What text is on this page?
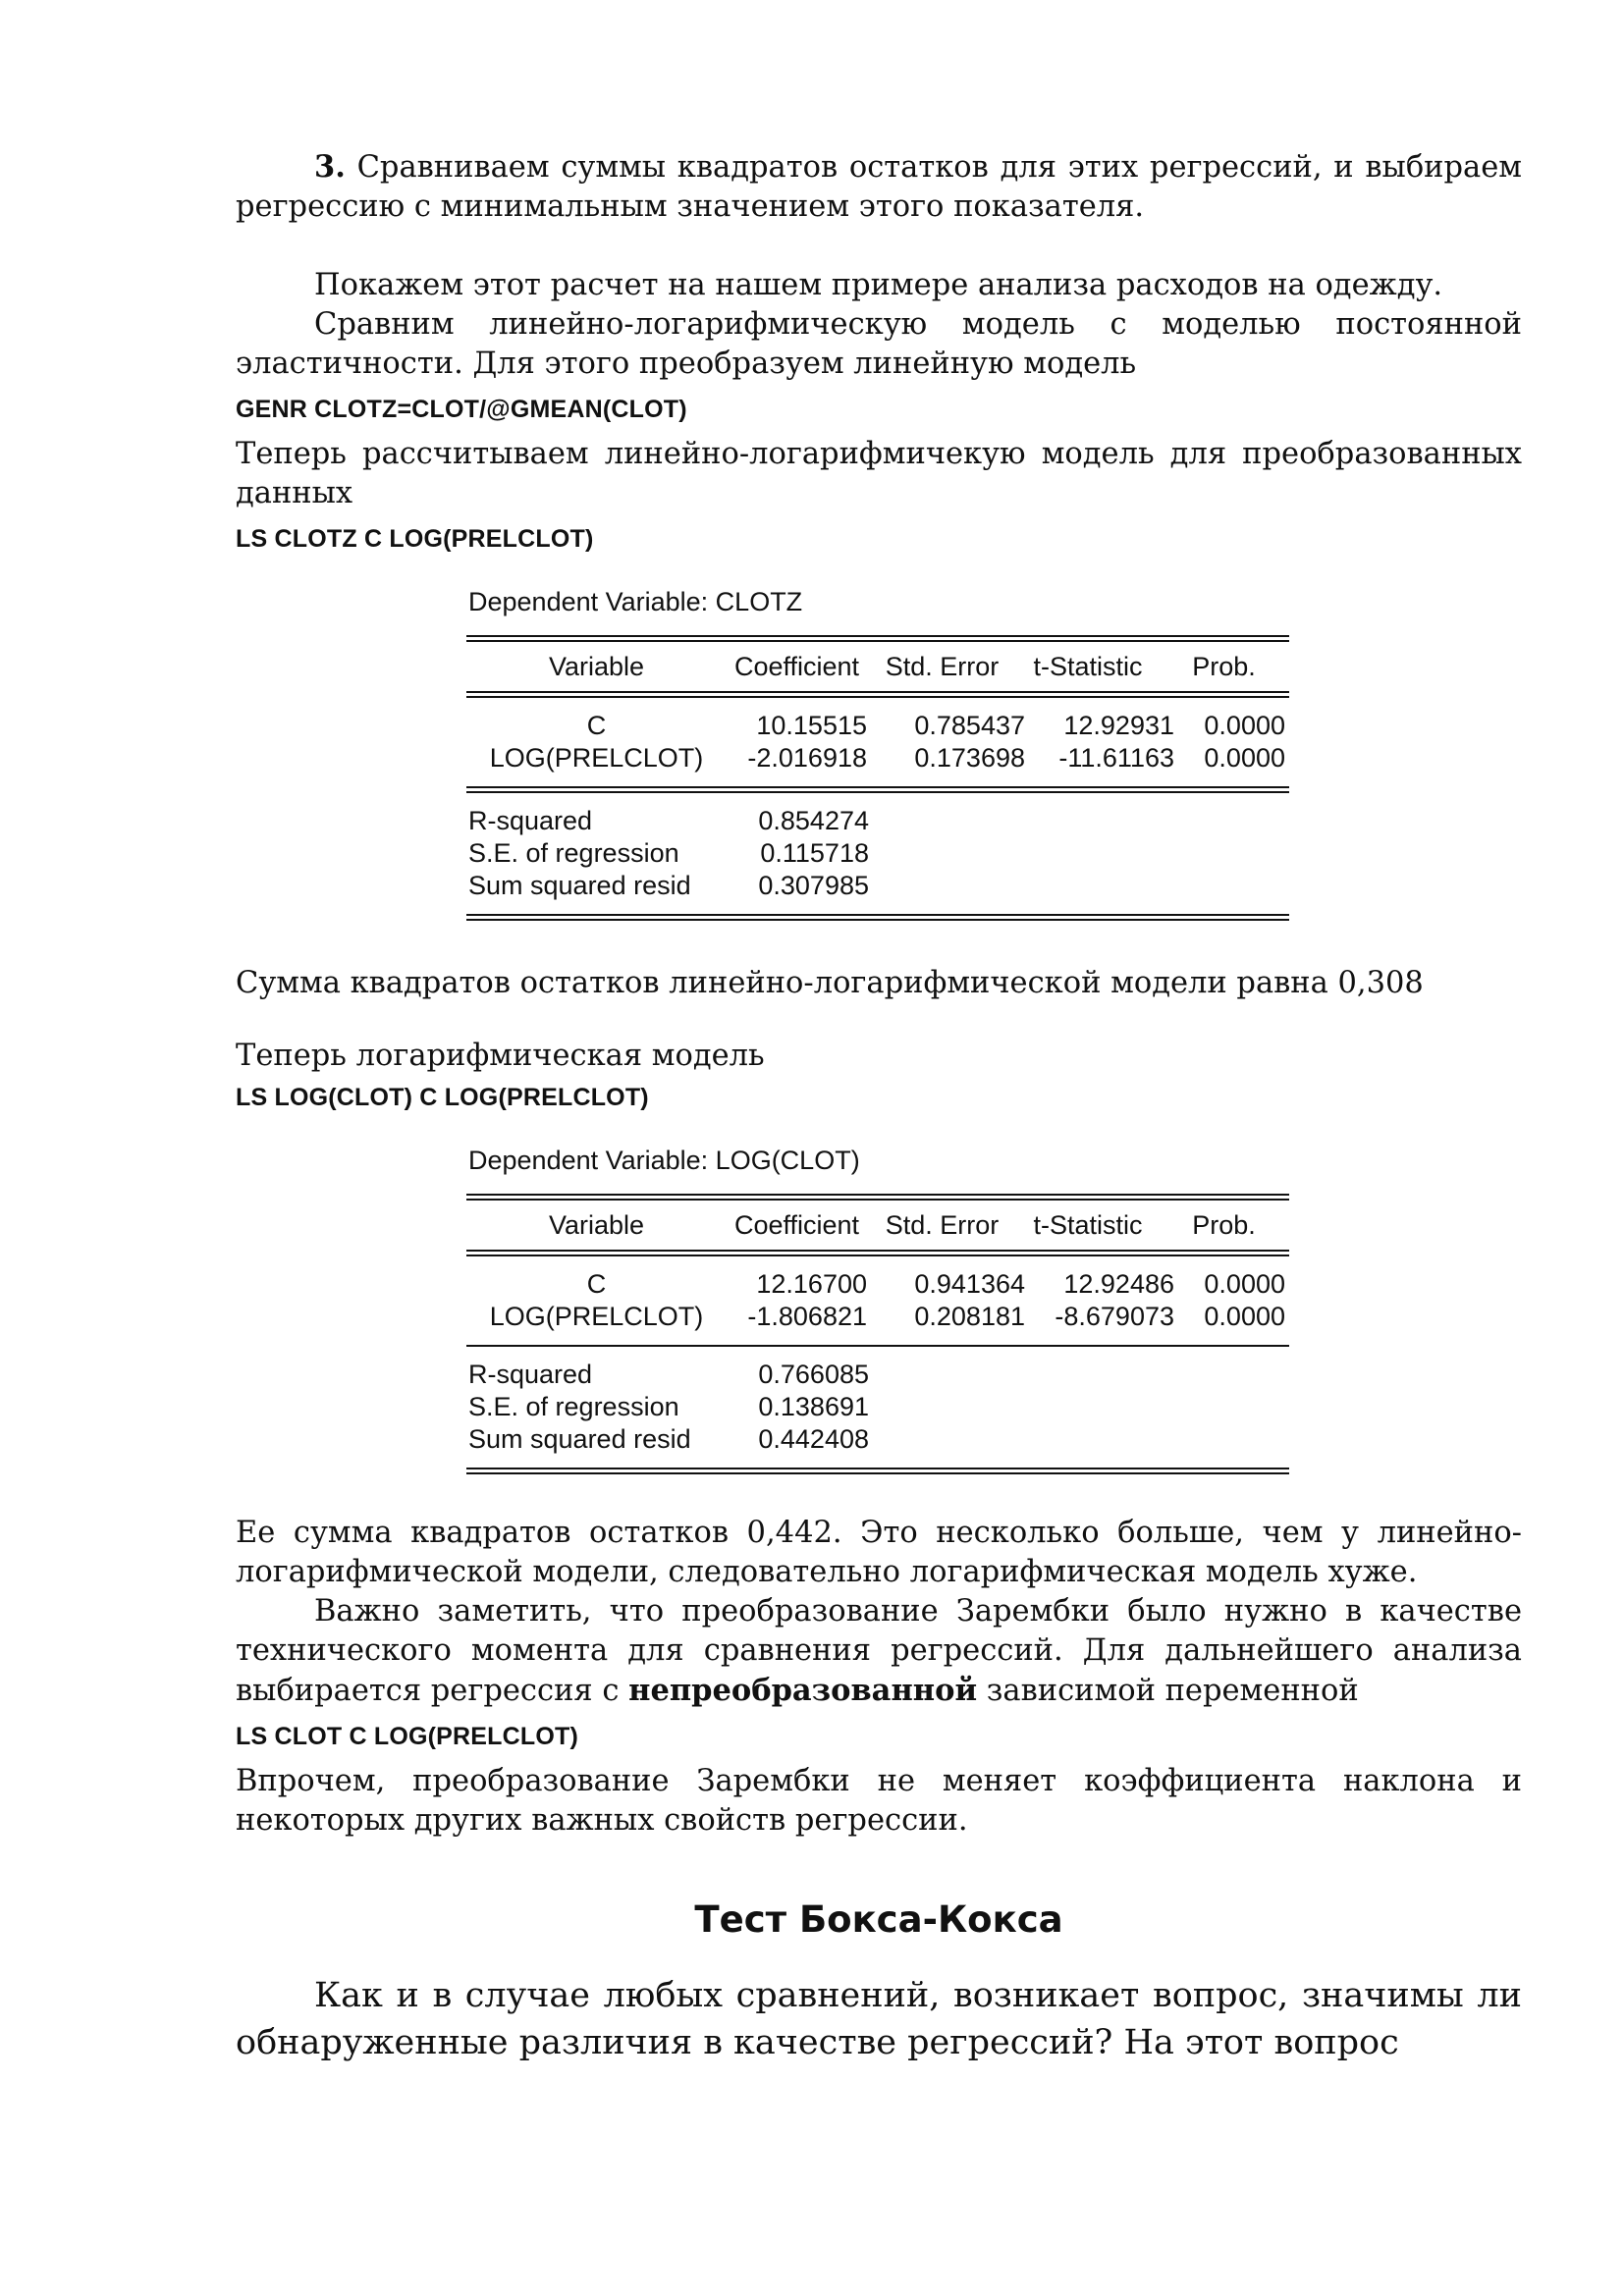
3. Сравниваем суммы квадратов остатков для этих регрессий, и выбираем регрессию с минимальным значением этого показателя.

Покажем этот расчет на нашем примере анализа расходов на одежду.

Сравним линейно-логарифмическую модель с моделью постоянной эластичности. Для этого преобразуем линейную модель

GENR CLOTZ=CLOT/@GMEAN(CLOT)

Теперь рассчитываем линейно-логарифмичекую модель для преобразованных данных

LS CLOTZ C LOG(PRELCLOT)
Dependent Variable: CLOTZ
Variable	Coefficient	Std. Error	t-Statistic	Prob.

C	10.15515	0.785437	12.92931	0.0000
LOG(PRELCLOT)	-2.016918	0.173698	-11.61163	0.0000

R-squared	0.854274	
S.E. of regression	0.115718	
Sum squared resid	0.307985	

Сумма квадратов остатков линейно-логарифмической модели равна 0,308

Теперь логарифмическая модель

LS LOG(CLOT) C LOG(PRELCLOT)
Dependent Variable: LOG(CLOT)
Variable	Coefficient	Std. Error	t-Statistic	Prob.

C	12.16700	0.941364	12.92486	0.0000
LOG(PRELCLOT)	-1.806821	0.208181	-8.679073	0.0000

R-squared	0.766085	
S.E. of regression	0.138691	
Sum squared resid	0.442408	

Ее сумма квадратов остатков 0,442. Это несколько больше, чем у линейно-логарифмической модели, следовательно логарифмическая модель хуже.

Важно заметить, что преобразование Зарембки было нужно в качестве технического момента для сравнения регрессий. Для дальнейшего анализа выбирается регрессия с непреобразованной зависимой переменной

LS CLOT C LOG(PRELCLOT)

Впрочем, преобразование Зарембки не меняет коэффициента наклона и некоторых других важных свойств регрессии.

Тест Бокса-Кокса

Как и в случае любых сравнений, возникает вопрос, значимы ли обнаруженные различия в качестве регрессий? На этот вопрос
